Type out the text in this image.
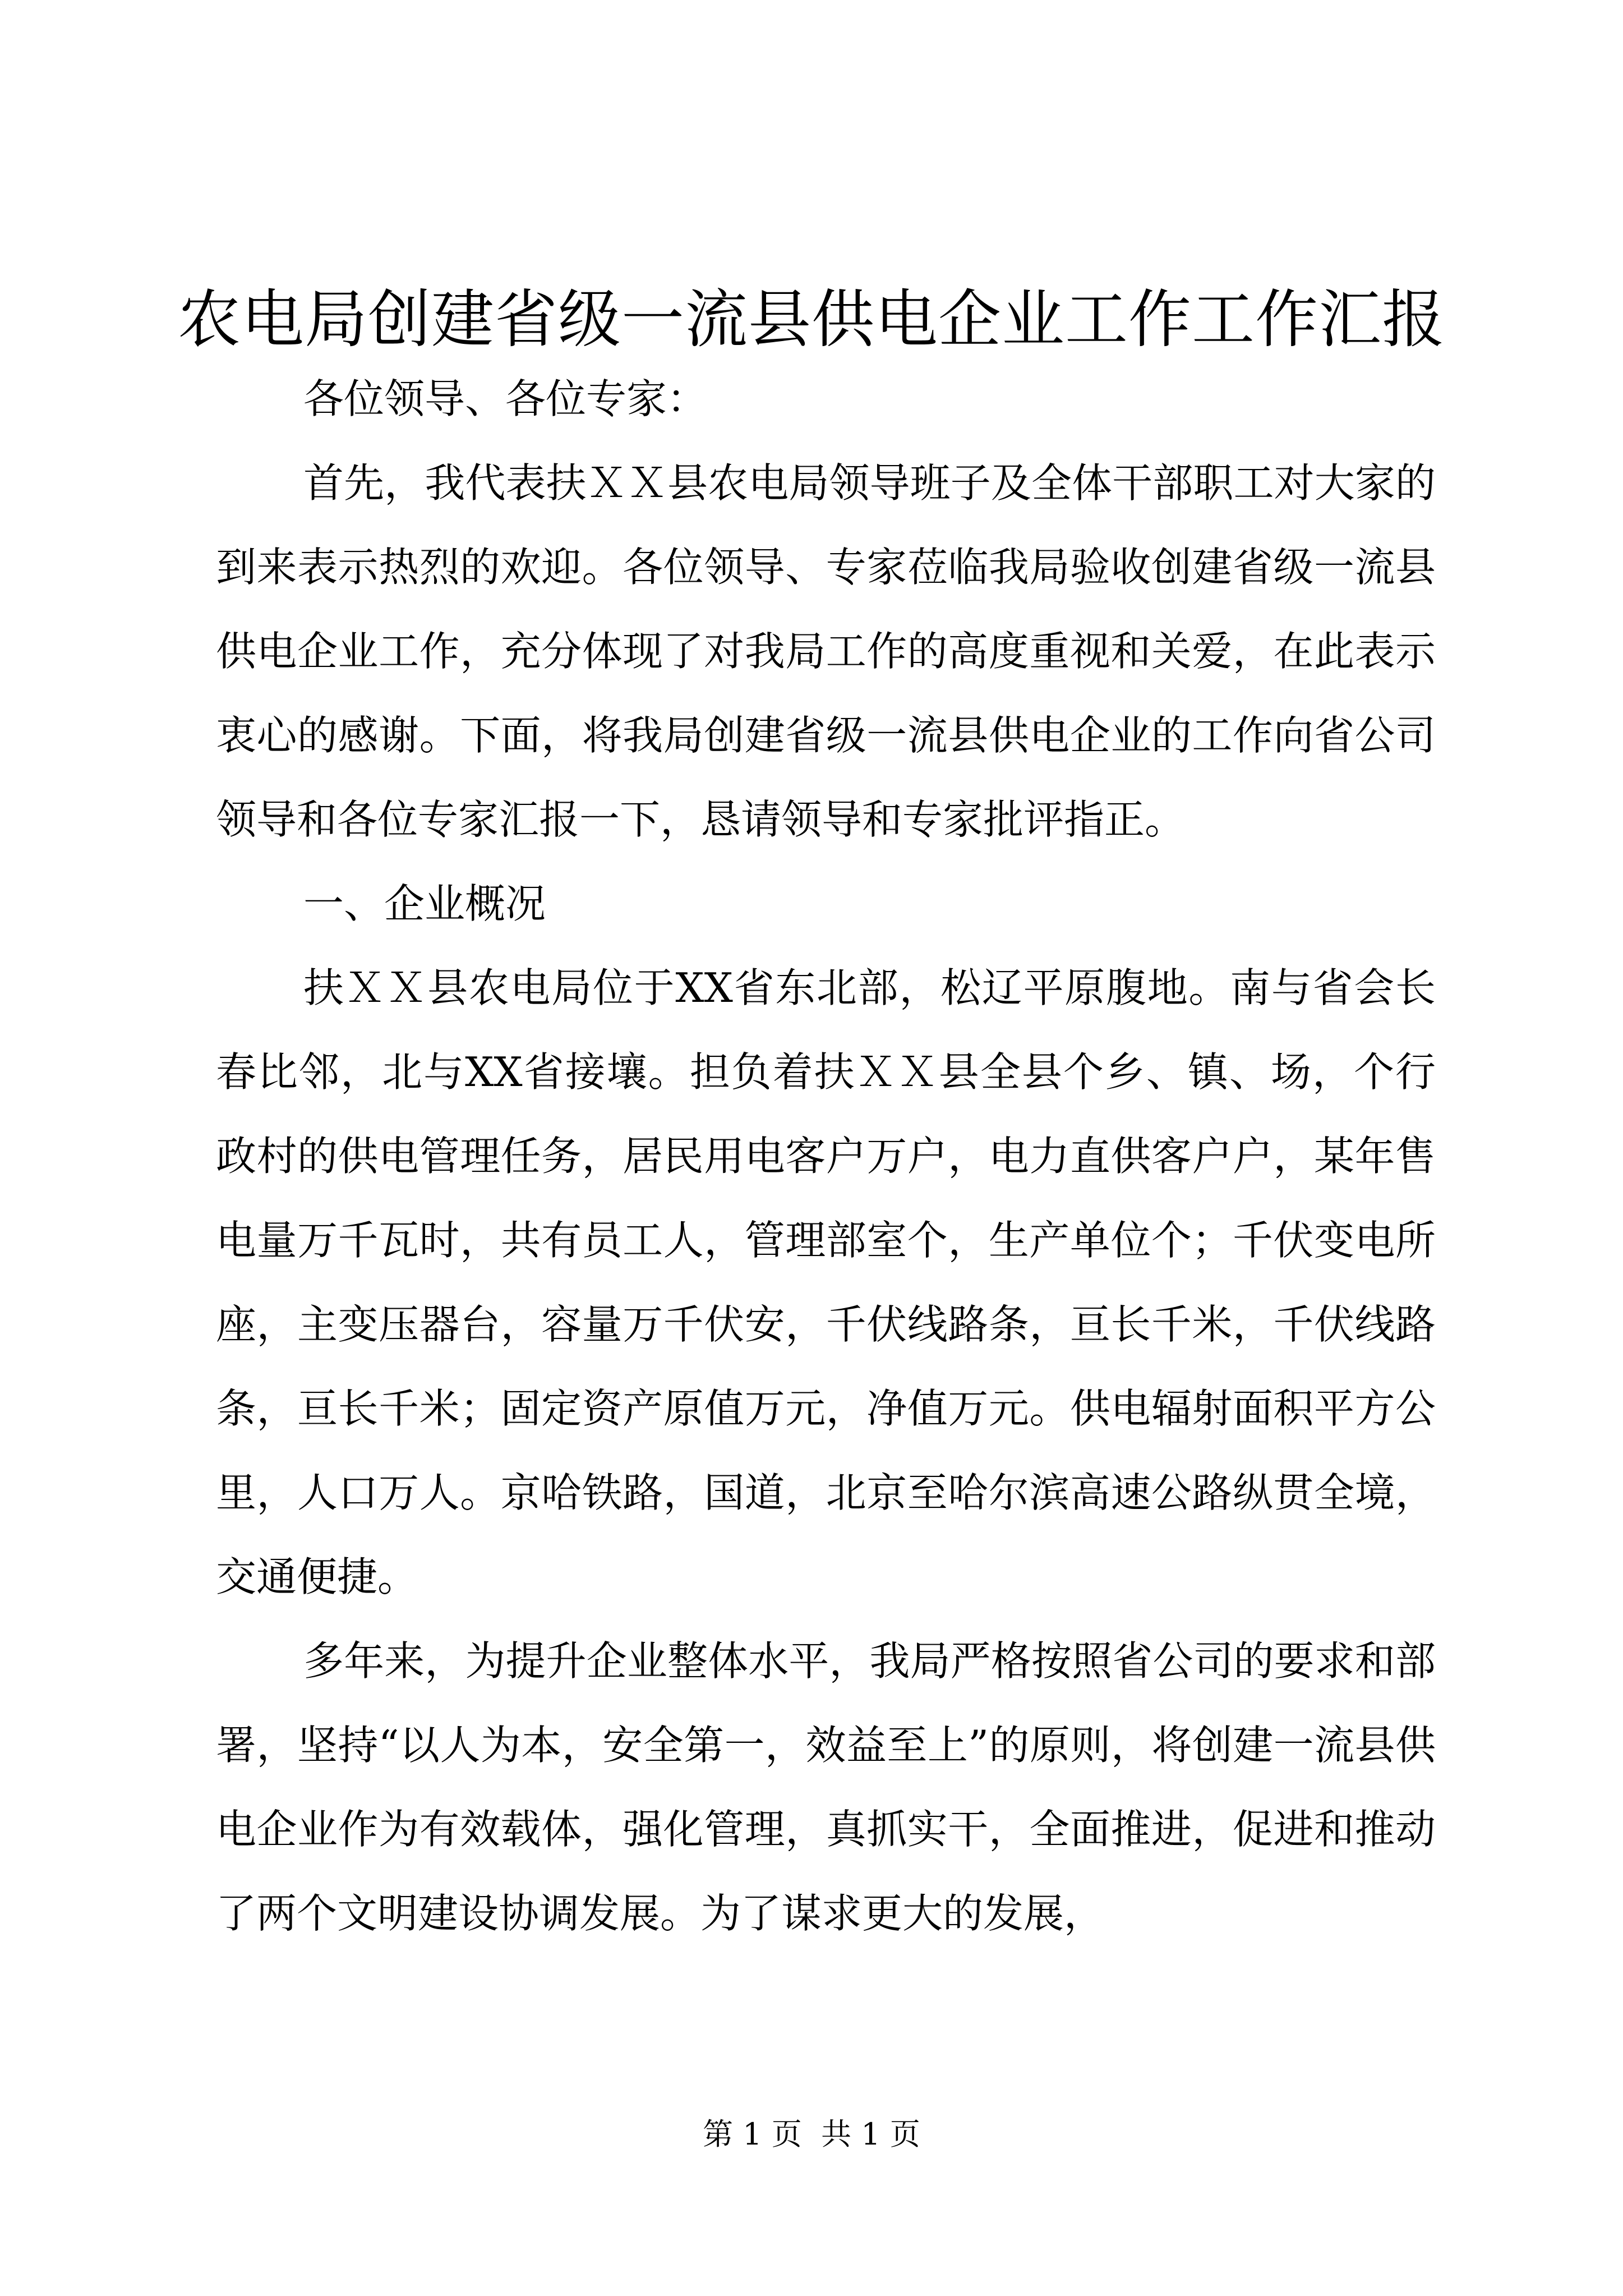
农电局创建省级一流县供电企业工作工作汇报

各位领导、各位专家：

首先，我代表扶ＸＸ县农电局领导班子及全体干部职工对大家的到来表示热烈的欢迎。各位领导、专家莅临我局验收创建省级一流县供电企业工作，充分体现了对我局工作的高度重视和关爱，在此表示衷心的感谢。下面，将我局创建省级一流县供电企业的工作向省公司领导和各位专家汇报一下，恳请领导和专家批评指正。

一、企业概况

扶ＸＸ县农电局位于XX省东北部，松辽平原腹地。南与省会长春比邻，北与XX省接壤。担负着扶ＸＸ县全县个乡、镇、场，个行政村的供电管理任务，居民用电客户万户，电力直供客户户，某年售电量万千瓦时，共有员工人，管理部室个，生产单位个；千伏变电所座，主变压器台，容量万千伏安，千伏线路条，亘长千米，千伏线路条，亘长千米；固定资产原值万元，净值万元。供电辐射面积平方公里，人口万人。京哈铁路，国道，北京至哈尔滨高速公路纵贯全境，交通便捷。

多年来，为提升企业整体水平，我局严格按照省公司的要求和部署，坚持“以人为本，安全第一，效益至上”的原则，将创建一流县供电企业作为有效载体，强化管理，真抓实干，全面推进，促进和推动了两个文明建设协调发展。为了谋求更大的发展，

第 1 页  共 1 页
